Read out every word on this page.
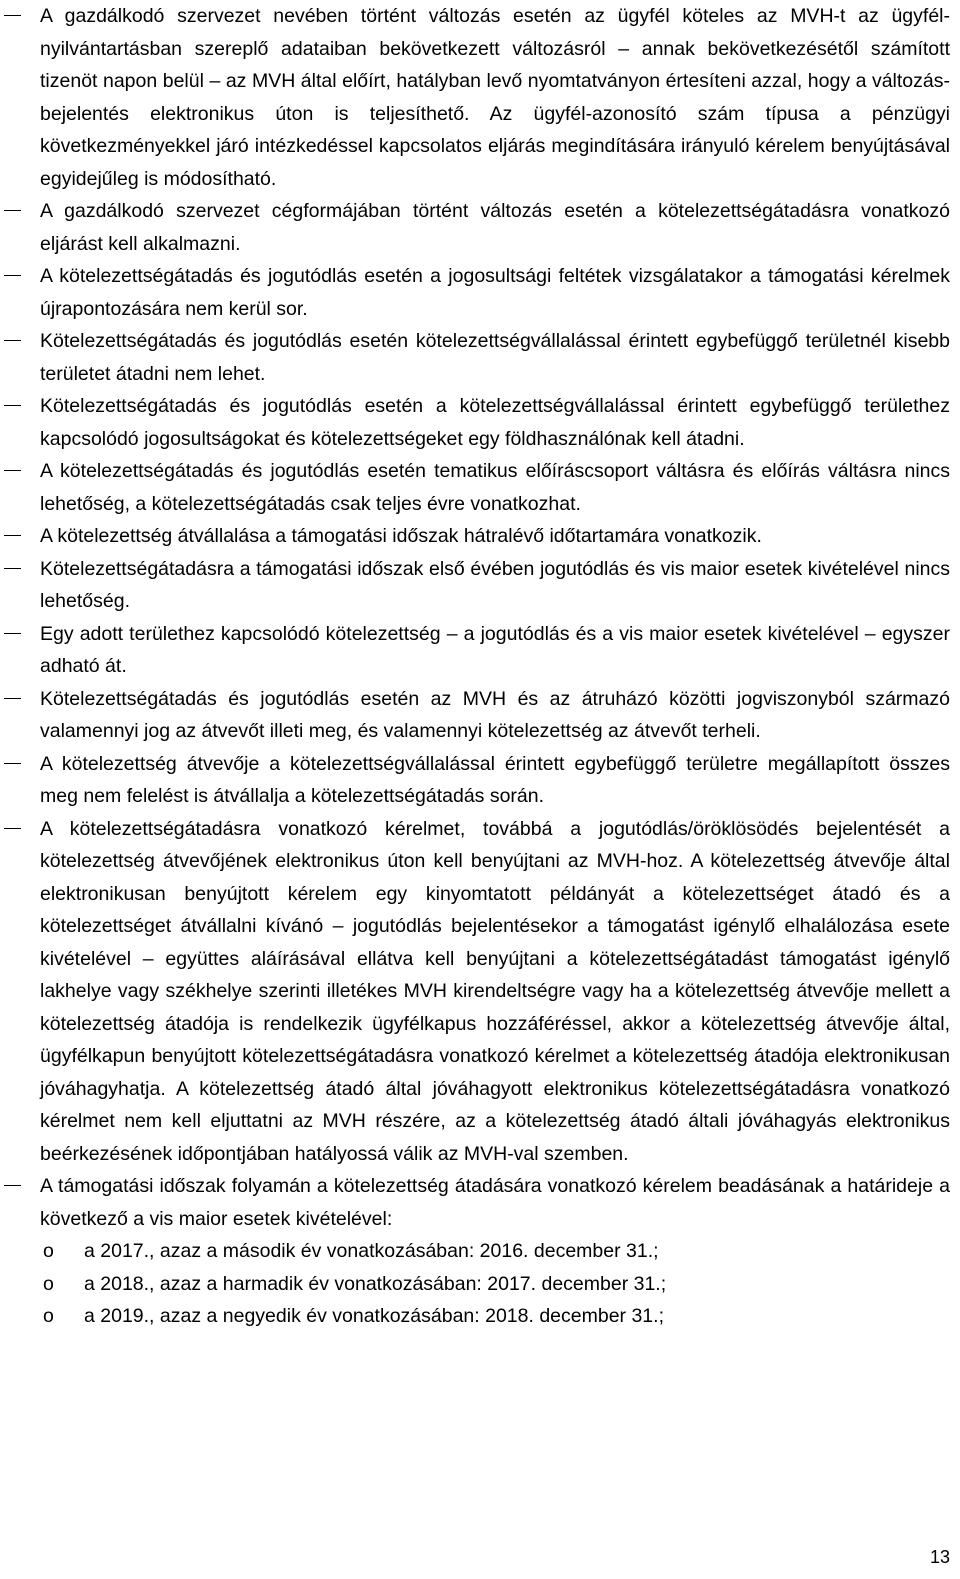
A gazdálkodó szervezet nevében történt változás esetén az ügyfél köteles az MVH-t az ügyfél-nyilvántartásban szereplő adataiban bekövetkezett változásról – annak bekövetkezésétől számított tizenöt napon belül – az MVH által előírt, hatályban levő nyomtatványon értesíteni azzal, hogy a változás-bejelentés elektronikus úton is teljesíthető. Az ügyfél-azonosító szám típusa a pénzügyi következményekkel járó intézkedéssel kapcsolatos eljárás megindítására irányuló kérelem benyújtásával egyidejűleg is módosítható.
A gazdálkodó szervezet cégformájában történt változás esetén a kötelezettségátadásra vonatkozó eljárást kell alkalmazni.
A kötelezettségátadás és jogutódlás esetén a jogosultsági feltétek vizsgálatakor a támogatási kérelmek újrapontozására nem kerül sor.
Kötelezettségátadás és jogutódlás esetén kötelezettségvállalással érintett egybefüggő területnél kisebb területet átadni nem lehet.
Kötelezettségátadás és jogutódlás esetén a kötelezettségvállalással érintett egybefüggő területhez kapcsolódó jogosultságokat és kötelezettségeket egy földhasználónak kell átadni.
A kötelezettségátadás és jogutódlás esetén tematikus előíráscsoport váltásra és előírás váltásra nincs lehetőség, a kötelezettségátadás csak teljes évre vonatkozhat.
A kötelezettség átvállalása a támogatási időszak hátralévő időtartamára vonatkozik.
Kötelezettségátadásra a támogatási időszak első évében jogutódlás és vis maior esetek kivételével nincs lehetőség.
Egy adott területhez kapcsolódó kötelezettség – a jogutódlás és a vis maior esetek kivételével – egyszer adható át.
Kötelezettségátadás és jogutódlás esetén az MVH és az átruházó közötti jogviszonyból származó valamennyi jog az átvevőt illeti meg, és valamennyi kötelezettség az átvevőt terheli.
A kötelezettség átvevője a kötelezettségvállalással érintett egybefüggő területre megállapított összes meg nem felelést is átvállalja a kötelezettségátadás során.
A kötelezettségátadásra vonatkozó kérelmet, továbbá a jogutódlás/öröklösödés bejelentését a kötelezettség átvevőjének elektronikus úton kell benyújtani az MVH-hoz. A kötelezettség átvevője által elektronikusan benyújtott kérelem egy kinyomtatott példányát a kötelezettséget átadó és a kötelezettséget átvállalni kívánó – jogutódlás bejelentésekor a támogatást igénylő elhalálozása esete kivételével – együttes aláírásával ellátva kell benyújtani a kötelezettségátadást támogatást igénylő lakhelye vagy székhelye szerinti illetékes MVH kirendeltségre vagy ha a kötelezettség átvevője mellett a kötelezettség átadója is rendelkezik ügyfélkapus hozzáféréssel, akkor a kötelezettség átvevője által, ügyfélkapun benyújtott kötelezettségátadásra vonatkozó kérelmet a kötelezettség átadója elektronikusan jóváhagyhatja. A kötelezettség átadó által jóváhagyott elektronikus kötelezettségátadásra vonatkozó kérelmet nem kell eljuttatni az MVH részére, az a kötelezettség átadó általi jóváhagyás elektronikus beérkezésének időpontjában hatályossá válik az MVH-val szemben.
A támogatási időszak folyamán a kötelezettség átadására vonatkozó kérelem beadásának a határideje a következő a vis maior esetek kivételével:
o a 2017., azaz a második év vonatkozásában: 2016. december 31.;
o a 2018., azaz a harmadik év vonatkozásában: 2017. december 31.;
o a 2019., azaz a negyedik év vonatkozásában: 2018. december 31.;
13
